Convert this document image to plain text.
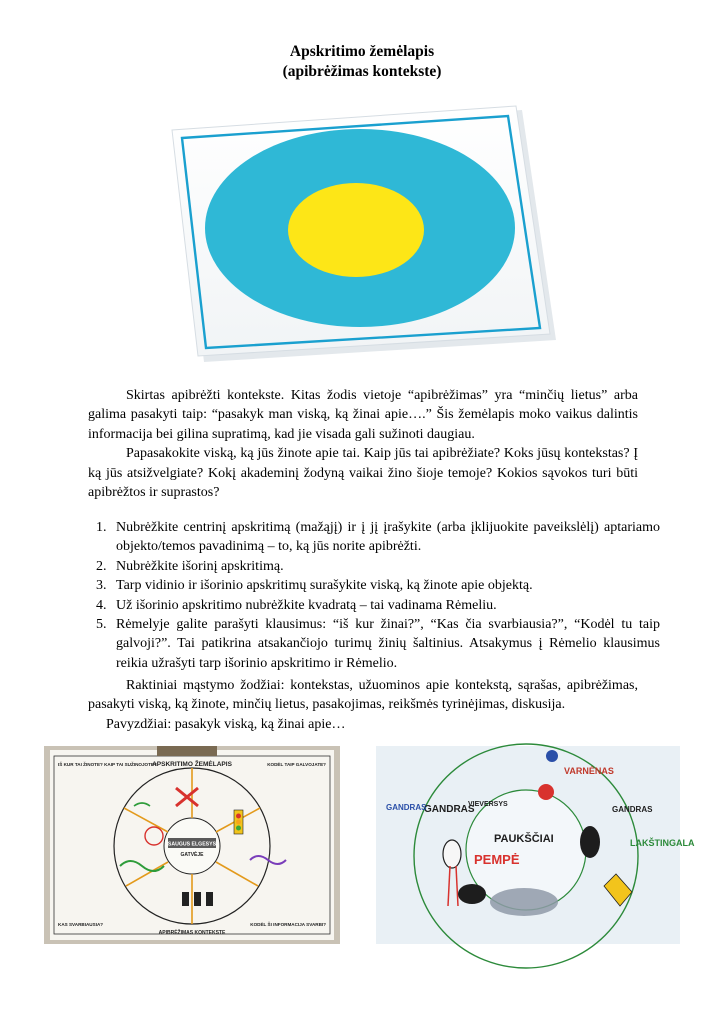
Apskritimo žemėlapis
(apibrėžimas kontekste)

Skirtas apibrėžti kontekste. Kitas žodis vietoje “apibrėžimas” yra “minčių lietus” arba galima pasakyti taip: “pasakyk man viską, ką žinai apie….” Šis žemėlapis moko vaikus dalintis informacija bei gilina supratimą, kad jie visada gali sužinoti daugiau.

Papasakokite viską, ką jūs žinote apie tai. Kaip jūs tai apibrėžiate? Koks jūsų kontekstas? Į ką jūs atsižvelgiate? Kokį akademinį žodyną vaikai žino šioje temoje? Kokios sąvokos turi būti apibrėžtos ir suprastos?

1. Nubrėžkite centrinį apskritimą (mažąjį) ir į jį įrašykite (arba įklijuokite paveikslėlį) aptariamo objekto/temos pavadinimą – to, ką jūs norite apibrėžti.
2. Nubrėžkite išorinį apskritimą.
3. Tarp vidinio ir išorinio apskritimų surašykite viską, ką žinote apie objektą.
4. Už išorinio apskritimo nubrėžkite kvadratą – tai vadinama Rėmeliu.
5. Rėmelyje galite parašyti klausimus: “iš kur žinai?”, “Kas čia svarbiausia?”, “Kodėl tu taip galvoji?”. Tai patikrina atsakančiojo turimų žinių šaltinius. Atsakymus į Rėmelio klausimus reikia užrašyti tarp išorinio apskritimo ir Rėmelio.

Raktiniai mąstymo žodžiai: kontekstas, užuominos apie kontekstą, sąrašas, apibrėžimas, pasakyti viską, ką žinote, minčių lietus, pasakojimas, reikšmės tyrinėjimas, diskusija.

Pavyzdžiai: pasakyk viską, ką žinai apie…

APSKRITIMO ŽEMĖLAPIS
IŠ KUR TAI ŽINOTE? KAIP TAI SUŽINOJOTE?	KODĖL TAIP GALVOJATE?
KAS SVARBIAUSIA?	KODĖL ŠI INFORMACIJA SVARBI?
APIBRĖŽIMAS KONTEKSTE
SAUGUS ELGESYS
GATVĖJE
VARNĖNAS
GANDRAS
VIEVERSYS
PAUKŠČIAI
PEMPĖ
GANDRAS
LAKŠTINGALA
GANDRAS
